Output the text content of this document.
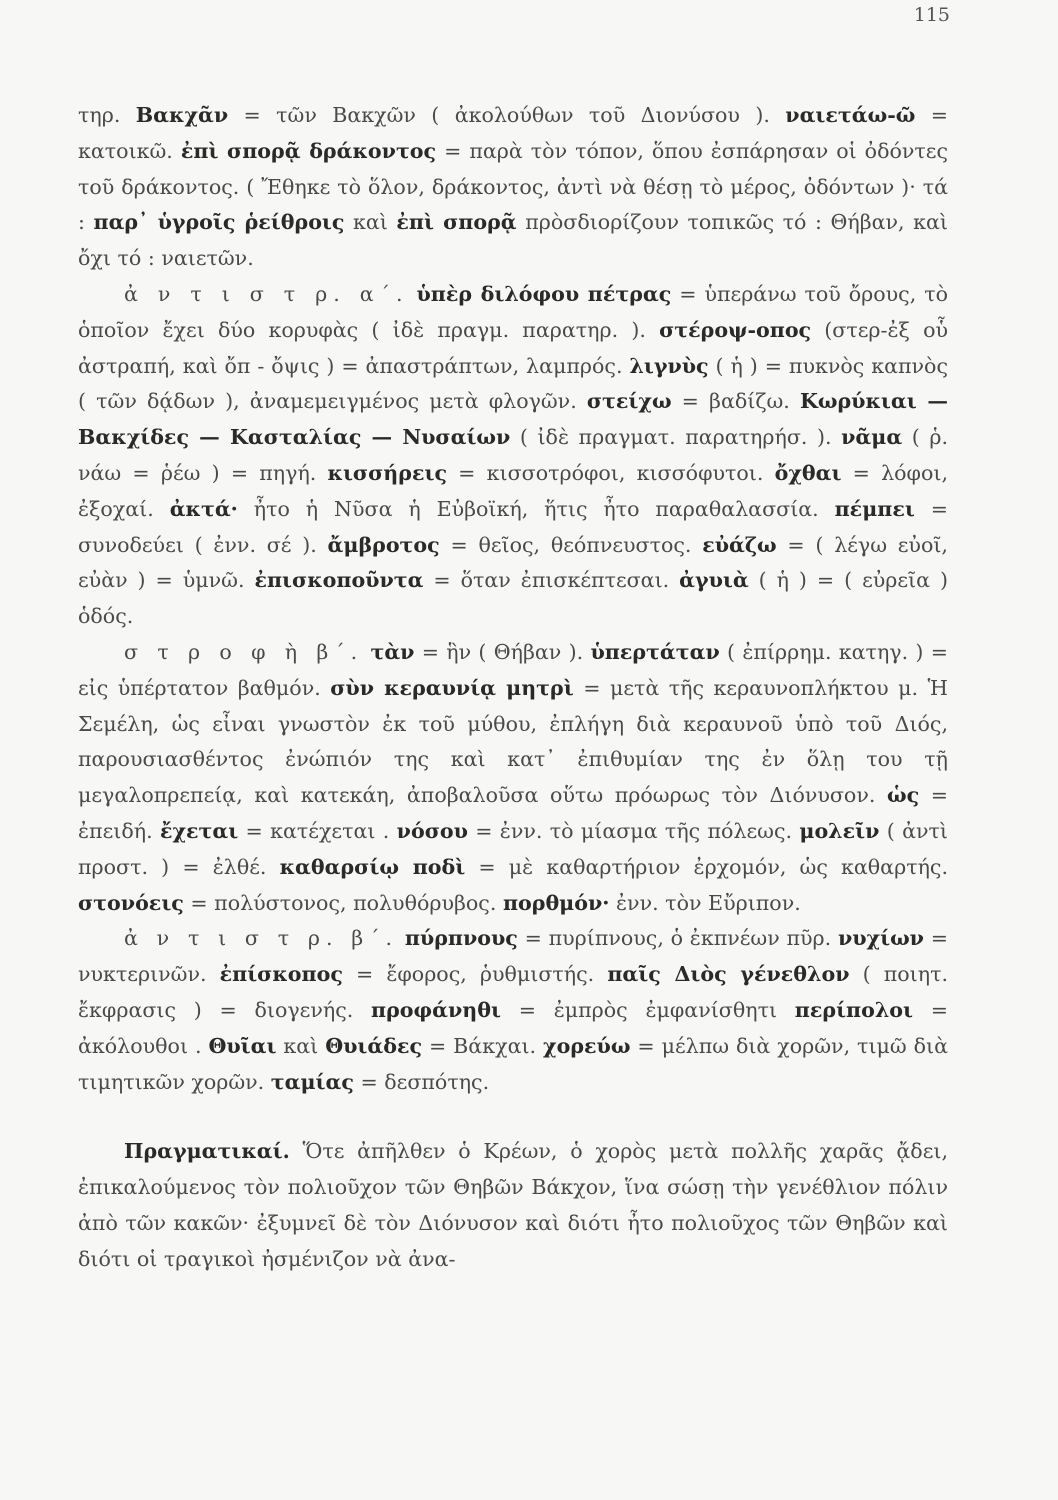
115

τηρ. Βακχᾶν = τῶν Βακχῶν ( ἀκολούθων τοῦ Διονύσου ). ναιετάω-ῶ = κατοικῶ. ἐπὶ σπορᾷ δράκοντος = παρὰ τὸν τόπον, ὅπου ἐσπάρησαν οἱ ὀδόντες τοῦ δράκοντος. ( Ἔθηκε τὸ ὅλον, δράκοντος, ἀντὶ νὰ θέσῃ τὸ μέρος, ὀδόντων )· τά : παρ᾽ ὑγροῖς ῥείθροις καὶ ἐπὶ σπορᾷ πρὸσδιορίζουν τοπικῶς τό : Θήβαν, καὶ ὄχι τό : ναιετῶν.

ἀ ν τ ι σ τ ρ. α΄. ὑπὲρ διλόφου πέτρας = ὑπεράνω τοῦ ὄρους, τὸ ὁποῖον ἔχει δύο κορυφὰς ( ἰδὲ πραγμ. παρατηρ. ). στέροψ-οπος (στερ-ἐξ οὗ ἀστραπή, καὶ ὄπ - ὄψις ) = ἀπαστράπτων, λαμπρός. λιγνὺς ( ἡ ) = πυκνὸς καπνὸς ( τῶν δᾴδων ), ἀναμεμειγμένος μετὰ φλογῶν. στείχω = βαδίζω. Κωρύκιαι — Βακχίδες — Κασταλίας — Νυσαίων ( ἰδὲ πραγματ. παρατηρήσ. ). νᾶμα ( ῥ. νάω = ῥέω ) = πηγή. κισσήρεις = κισσοτρόφοι, κισσόφυτοι. ὄχθαι = λόφοι, ἐξοχαί. ἀκτά· ἦτο ἡ Νῦσα ἡ Εὐβοϊκή, ἥτις ἦτο παραθαλασσία. πέμπει = συνοδεύει ( ἐνν. σέ ). ἄμβροτος = θεῖος, θεόπνευστος. εὐάζω = ( λέγω εὐοῖ, εὐὰν ) = ὑμνῶ. ἐπισκοποῦντα = ὅταν ἐπισκέπτεσαι. ἀγυιὰ ( ἡ ) = ( εὐρεῖα ) ὁδός.

σ τ ρ ο φ ὴ β΄. τὰν = ἣν ( Θήβαν ). ὑπερτάταν ( ἐπίρρημ. κατηγ. ) = εἰς ὑπέρτατον βαθμόν. σὺν κεραυνίᾳ μητρὶ = μετὰ τῆς κεραυνοπλήκτου μ. Ἡ Σεμέλη, ὡς εἶναι γνωστὸν ἐκ τοῦ μύθου, ἐπλήγη διὰ κεραυνοῦ ὑπὸ τοῦ Διός, παρουσιασθέντος ἐνώπιόν της καὶ κατ᾽ ἐπιθυμίαν της ἐν ὅλῃ του τῇ μεγαλοπρεπείᾳ, καὶ κατεκάη, ἀποβαλοῦσα οὕτω πρόωρως τὸν Διόνυσον. ὡς = ἐπειδή. ἔχεται = κατέχεται . νόσου = ἐνν. τὸ μίασμα τῆς πόλεως. μολεῖν ( ἀντὶ προστ. ) = ἐλθέ. καθαρσίῳ ποδὶ = μὲ καθαρτήριον ἐρχομόν, ὡς καθαρτής. στονόεις = πολύστονος, πολυθόρυβος. πορθμόν· ἐνν. τὸν Εὔριπον.

ἀ ν τ ι σ τ ρ. β΄. πύρπνους = πυρίπνους, ὁ ἐκπνέων πῦρ. νυχίων = νυκτερινῶν. ἐπίσκοπος = ἔφορος, ῥυθμιστής. παῖς Διὸς γένεθλον ( ποιητ. ἔκφρασις ) = διογενής. προφάνηθι = ἐμπρὸς ἐμφανίσθητι περίπολοι = ἀκόλουθοι . Θυῖαι καὶ Θυιάδες = Βάκχαι. χορεύω = μέλπω διὰ χορῶν, τιμῶ διὰ τιμητικῶν χορῶν. ταμίας = δεσπότης.

Πραγματικαί. Ὅτε ἀπῆλθεν ὁ Κρέων, ὁ χορὸς μετὰ πολλῆς χαρᾶς ᾄδει, ἐπικαλούμενος τὸν πολιοῦχον τῶν Θηβῶν Βάκχον, ἵνα σώσῃ τὴν γενέθλιον πόλιν ἀπὸ τῶν κακῶν· ἐξυμνεῖ δὲ τὸν Διόνυσον καὶ διότι ἦτο πολιοῦχος τῶν Θηβῶν καὶ διότι οἱ τραγικοὶ ἠσμένιζον νὰ ἀνα-
